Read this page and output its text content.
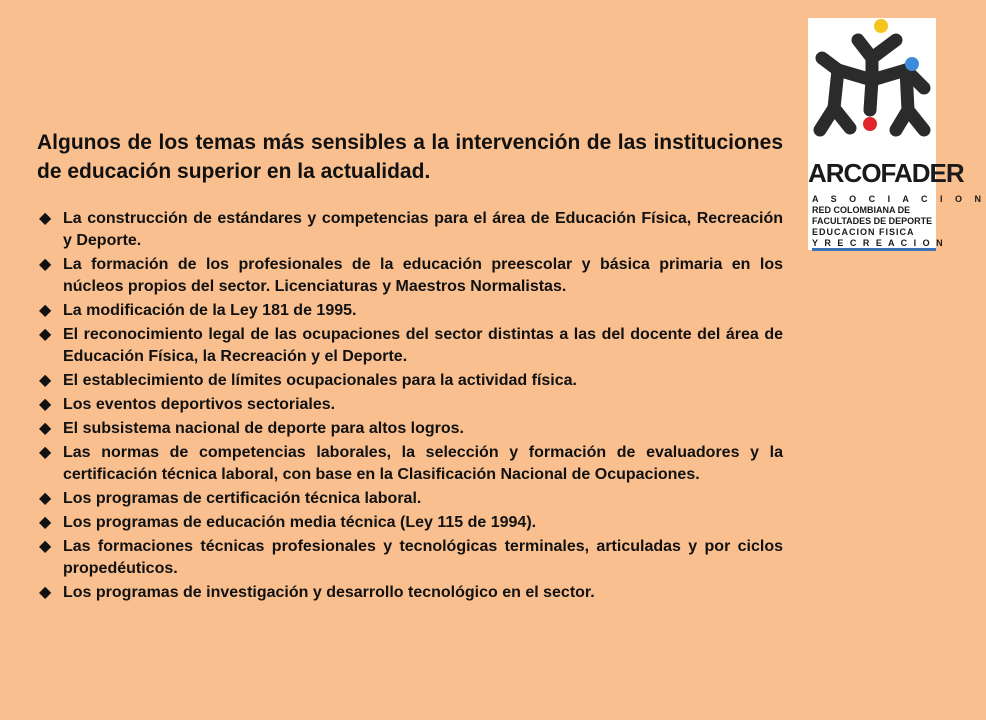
ARCOFADER
A S O C I A C I O N
RED COLOMBIANA DE
FACULTADES DE DEPORTE
EDUCACION FISICA
Y R E C R E A C I O N

Algunos de los temas más sensibles a la intervención de las instituciones de educación superior en la actualidad.

◆ La construcción de estándares y competencias para el área de Educación Física, Recreación y Deporte.
◆ La formación de los profesionales de la educación preescolar y básica primaria en los núcleos propios del sector. Licenciaturas y Maestros Normalistas.
◆ La modificación de la Ley 181 de 1995.
◆ El reconocimiento legal de las ocupaciones del sector distintas a las del docente del área de Educación Física, la Recreación y el Deporte.
◆ El establecimiento de límites ocupacionales para la actividad física.
◆ Los eventos deportivos sectoriales.
◆ El subsistema nacional de deporte para altos logros.
◆ Las normas de competencias laborales, la selección y formación de evaluadores y la certificación técnica laboral, con base en la Clasificación Nacional de Ocupaciones.
◆ Los programas de certificación técnica laboral.
◆ Los programas de educación media técnica (Ley 115 de 1994).
◆ Las formaciones técnicas profesionales y tecnológicas terminales, articuladas y por ciclos propedéuticos.
◆ Los programas de investigación y desarrollo tecnológico en el sector.
